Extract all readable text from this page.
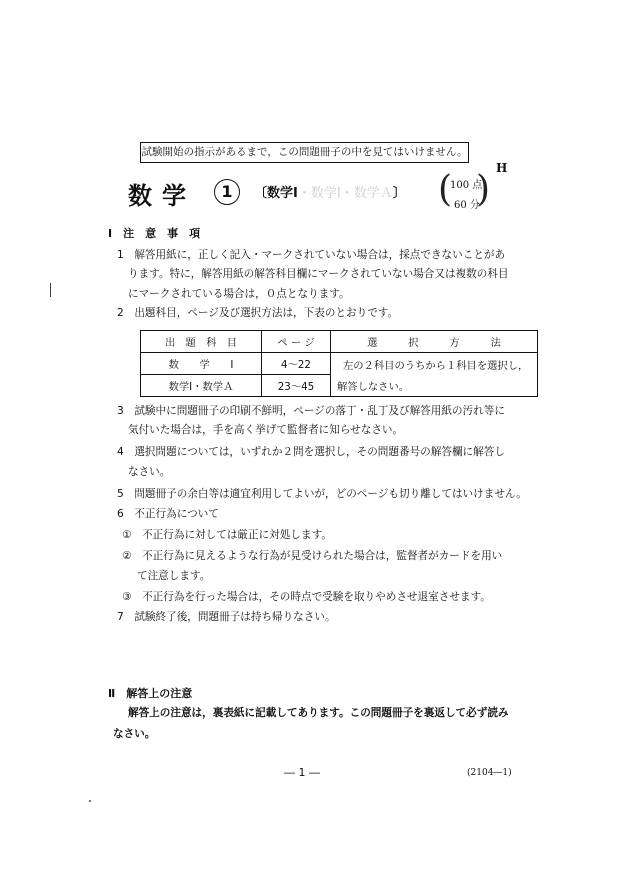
試験開始の指示があるまで，この問題冊子の中を見てはいけません。
H
数学	1	〔数学Ⅰ・数学Ⅰ・数学Ａ〕 (
100 点
60 分
)
Ⅰ　注　意　事　項
1　 解答用紙に，正しく記入・マークされていない場合は，採点できないことがあ
ります。特に，解答用紙の解答科目欄にマークされていない場合又は複数の科目
にマークされている場合は，０点となります。
2　 出題科目，ページ及び選択方法は，下表のとおりです。
出　題　科　目	ペ ー ジ	選　　　択　　　方　　　法
数　　学　　Ⅰ	4～22	左の２科目のうちから１科目を選択し，
解答しなさい。

数学Ⅰ・数学Ａ	23～45	
3　 試験中に問題冊子の印刷不鮮明，ページの落丁・乱丁及び解答用紙の汚れ等に
気付いた場合は，手を高く挙げて監督者に知らせなさい。
4　 選択問題については，いずれか２問を選択し，その問題番号の解答欄に解答し
なさい。
5　 問題冊子の余白等は適宜利用してよいが，どのページも切り離してはいけません。
6　 不正行為について
①　 不正行為に対しては厳正に対処します。
②　 不正行為に見えるような行為が見受けられた場合は，監督者がカードを用い
て注意します。
③　 不正行為を行った場合は，その時点で受験を取りやめさせ退室させます。
7　 試験終了後，問題冊子は持ち帰りなさい。
Ⅱ　解答上の注意
解答上の注意は，裏表紙に記載してあります。この問題冊子を裏返して必ず読み
なさい。
― 1 ―	(2104―1)
